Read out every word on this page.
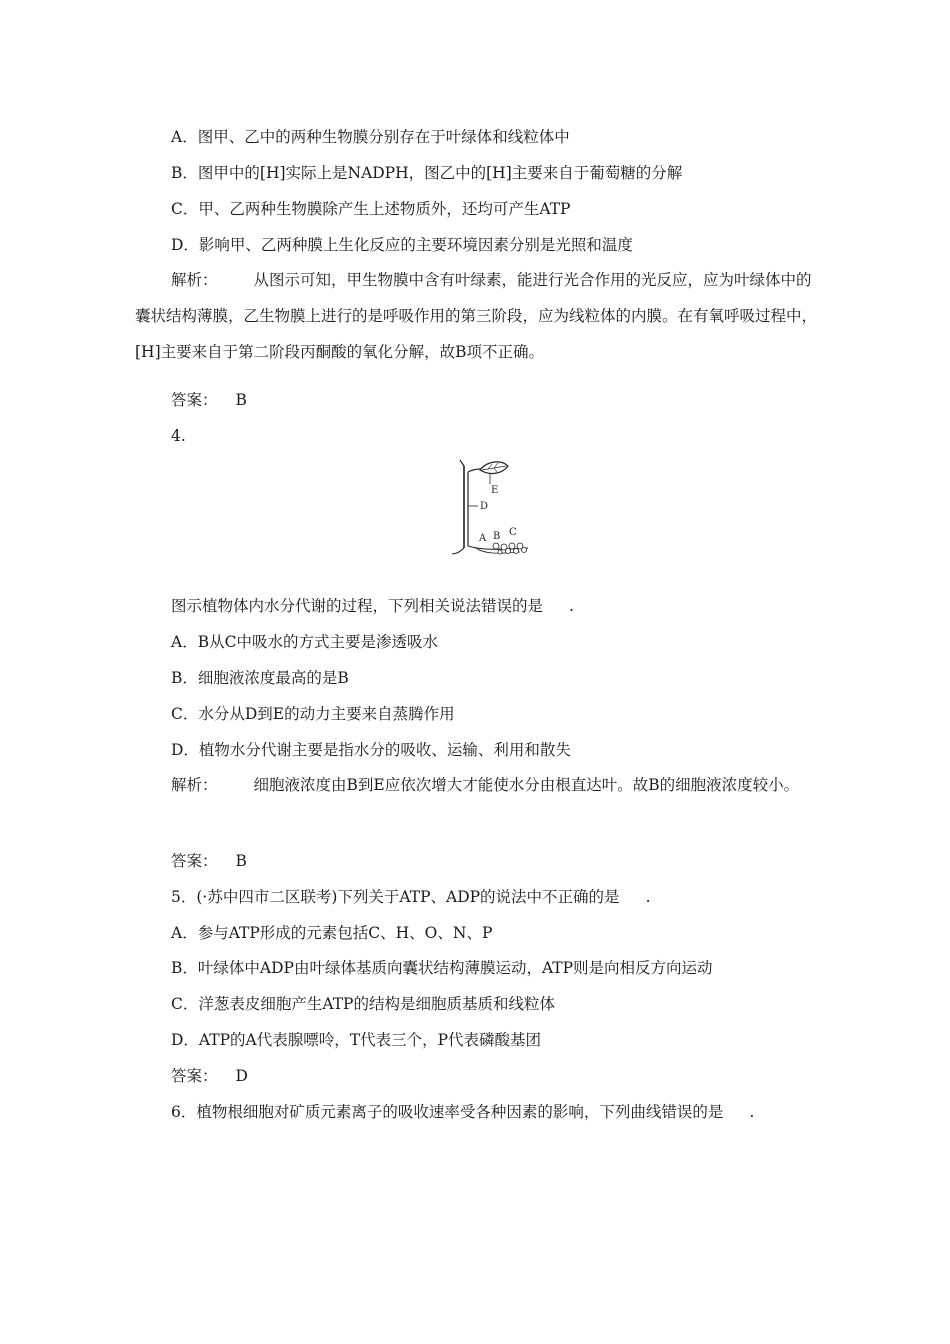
A．图甲、乙中的两种生物膜分别存在于叶绿体和线粒体中
B．图甲中的[H]实际上是NADPH，图乙中的[H]主要来自于葡萄糖的分解
C．甲、乙两种生物膜除产生上述物质外，还均可产生ATP
D．影响甲、乙两种膜上生化反应的主要环境因素分别是光照和温度
解析： 从图示可知，甲生物膜中含有叶绿素，能进行光合作用的光反应，应为叶绿体中的囊状结构薄膜，乙生物膜上进行的是呼吸作用的第三阶段，应为线粒体的内膜。在有氧呼吸过程中，[H]主要来自于第二阶段丙酮酸的氧化分解，故B项不正确。
答案： B
4.
E
D
A B C
图示植物体内水分代谢的过程，下列相关说法错误的是 .
A．B从C中吸水的方式主要是渗透吸水
B．细胞液浓度最高的是B
C．水分从D到E的动力主要来自蒸腾作用
D．植物水分代谢主要是指水分的吸收、运输、利用和散失
解析： 细胞液浓度由B到E应依次增大才能使水分由根直达叶。故B的细胞液浓度较小。
答案： B
5．(·苏中四市二区联考)下列关于ATP、ADP的说法中不正确的是 .
A．参与ATP形成的元素包括C、H、O、N、P
B．叶绿体中ADP由叶绿体基质向囊状结构薄膜运动，ATP则是向相反方向运动
C．洋葱表皮细胞产生ATP的结构是细胞质基质和线粒体
D．ATP的A代表腺嘌呤，T代表三个，P代表磷酸基团
答案： D
6．植物根细胞对矿质元素离子的吸收速率受各种因素的影响，下列曲线错误的是 .
